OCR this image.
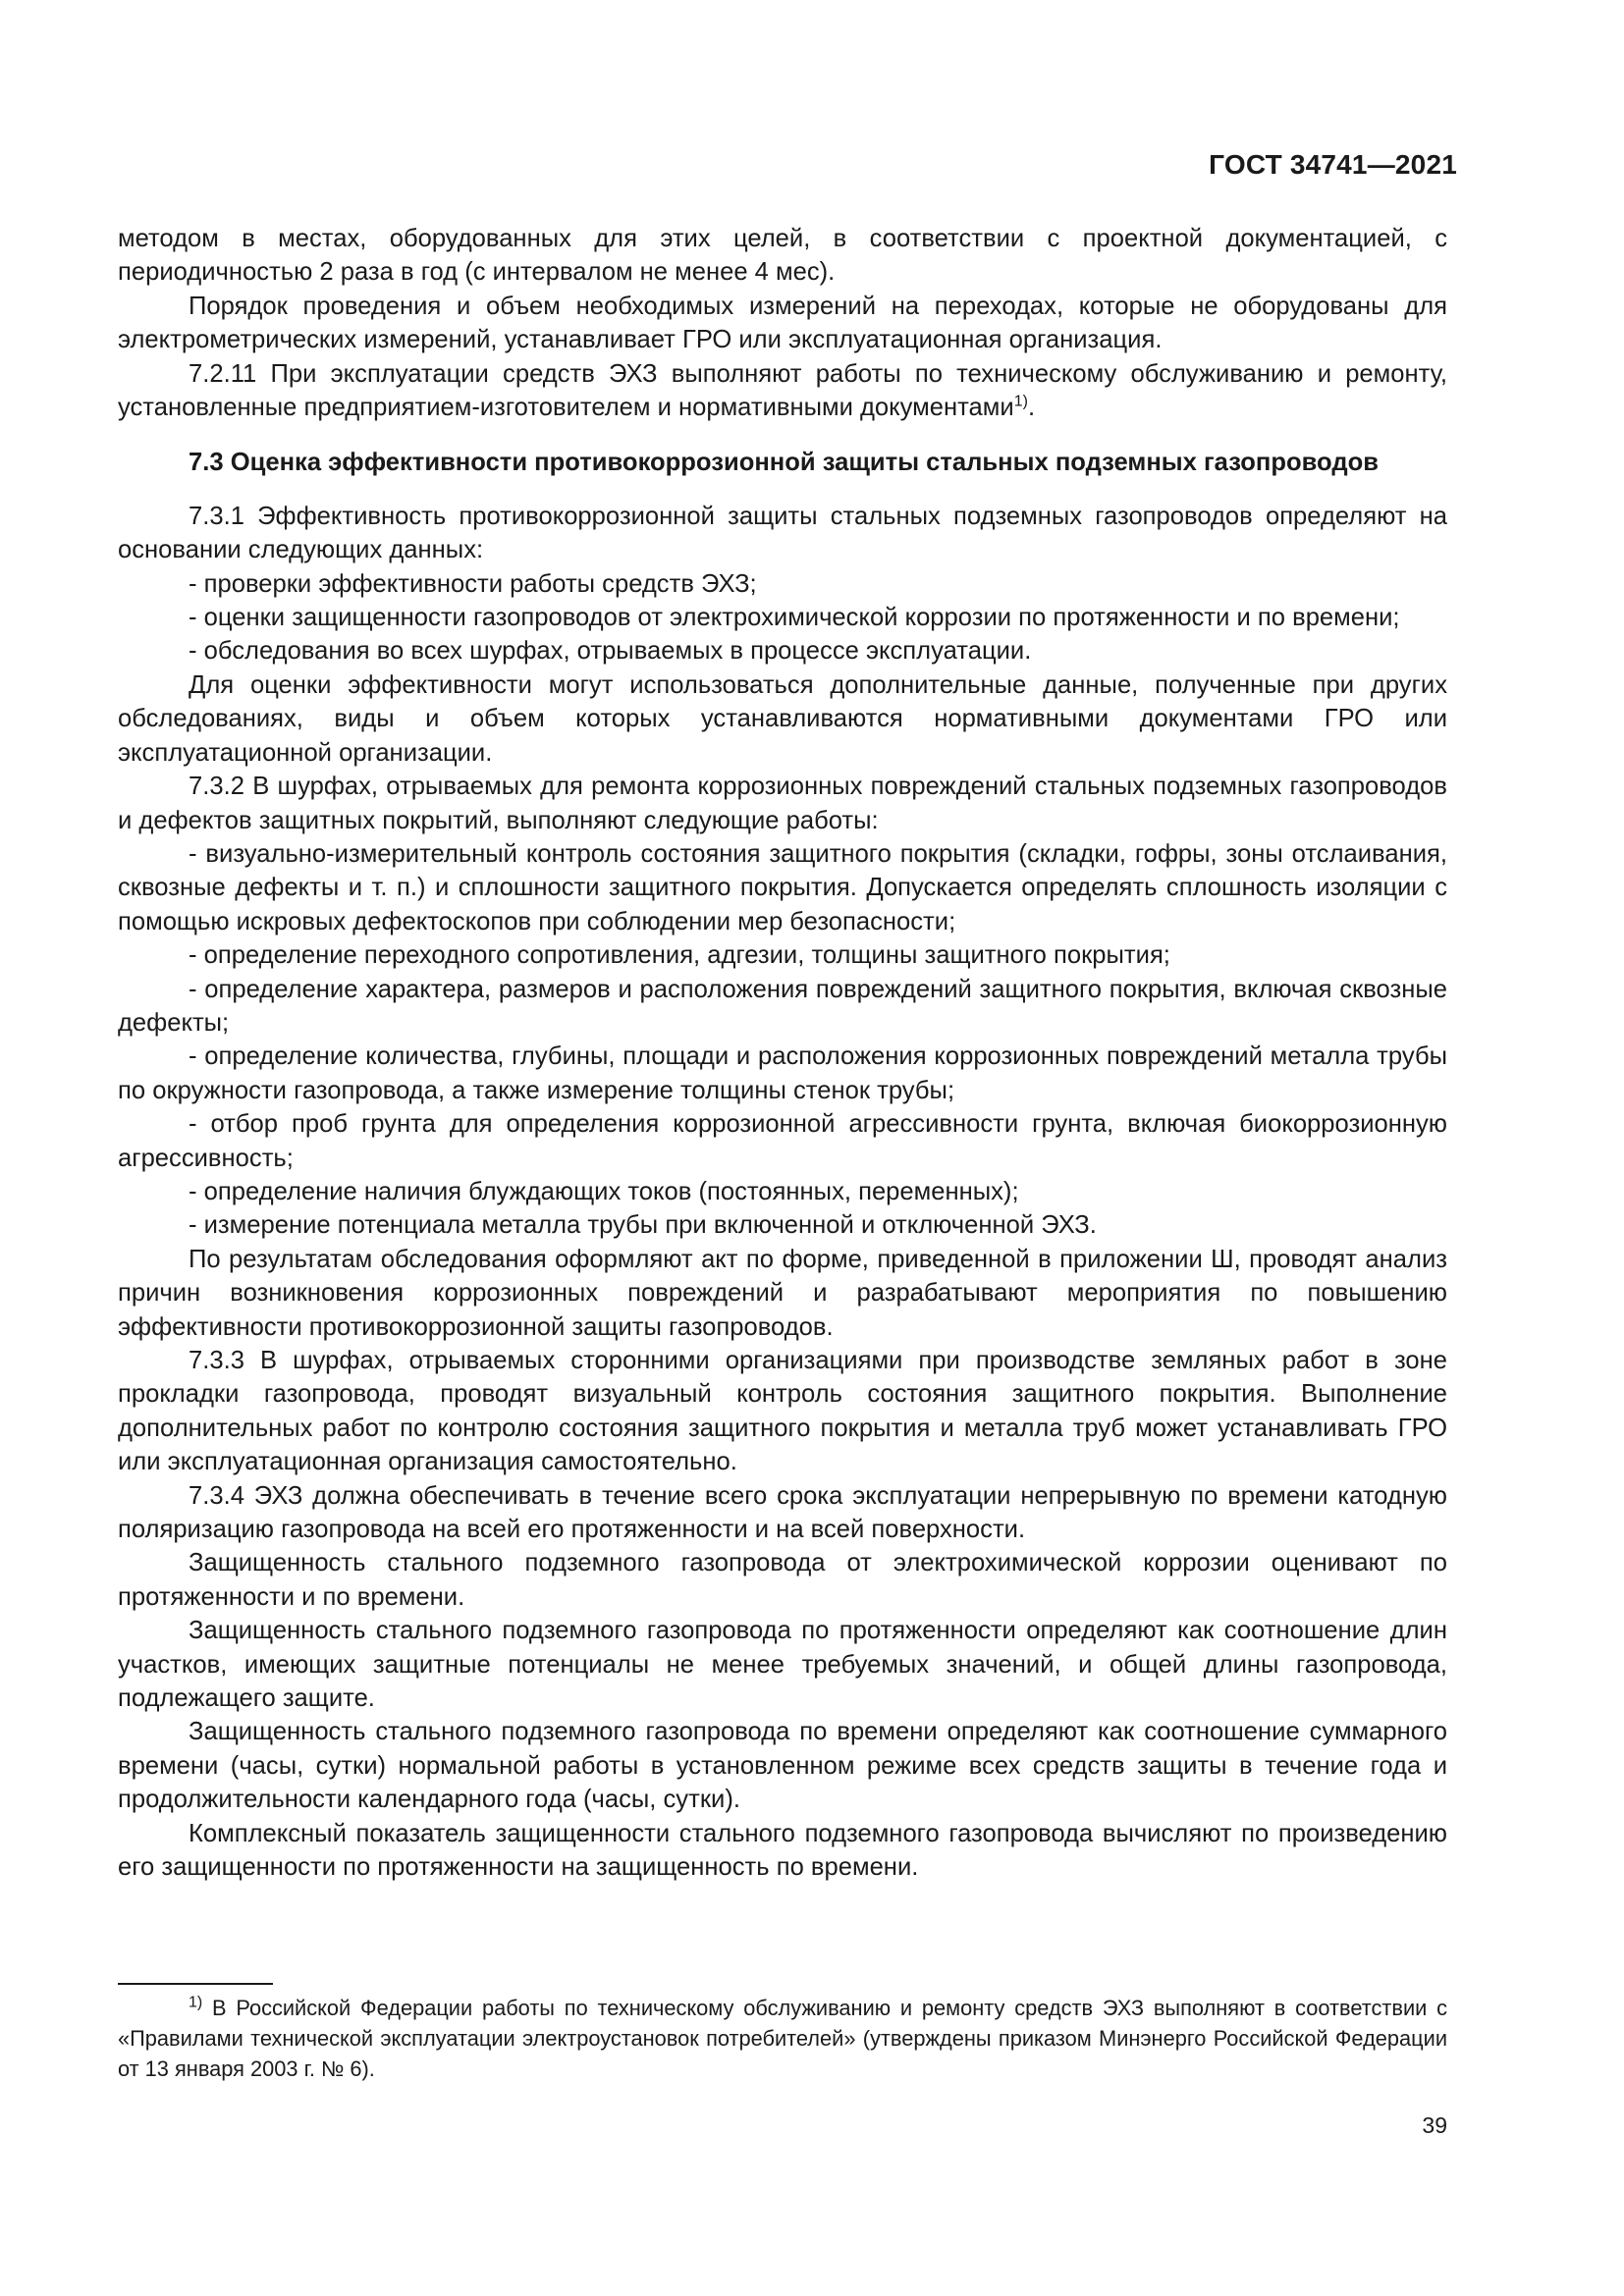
ГОСТ 34741—2021

методом в местах, оборудованных для этих целей, в соответствии с проектной документацией, с периодичностью 2 раза в год (с интервалом не менее 4 мес).

Порядок проведения и объем необходимых измерений на переходах, которые не оборудованы для электрометрических измерений, устанавливает ГРО или эксплуатационная организация.

7.2.11 При эксплуатации средств ЭХЗ выполняют работы по техническому обслуживанию и ремонту, установленные предприятием-изготовителем и нормативными документами$^{1)}$.

7.3 Оценка эффективности противокоррозионной защиты стальных подземных газопроводов

7.3.1 Эффективность противокоррозионной защиты стальных подземных газопроводов определяют на основании следующих данных:

- проверки эффективности работы средств ЭХЗ;

- оценки защищенности газопроводов от электрохимической коррозии по протяженности и по времени;

- обследования во всех шурфах, отрываемых в процессе эксплуатации.

Для оценки эффективности могут использоваться дополнительные данные, полученные при других обследованиях, виды и объем которых устанавливаются нормативными документами ГРО или эксплуатационной организации.

7.3.2 В шурфах, отрываемых для ремонта коррозионных повреждений стальных подземных газопроводов и дефектов защитных покрытий, выполняют следующие работы:

- визуально-измерительный контроль состояния защитного покрытия (складки, гофры, зоны отслаивания, сквозные дефекты и т. п.) и сплошности защитного покрытия. Допускается определять сплошность изоляции с помощью искровых дефектоскопов при соблюдении мер безопасности;

- определение переходного сопротивления, адгезии, толщины защитного покрытия;

- определение характера, размеров и расположения повреждений защитного покрытия, включая сквозные дефекты;

- определение количества, глубины, площади и расположения коррозионных повреждений металла трубы по окружности газопровода, а также измерение толщины стенок трубы;

- отбор проб грунта для определения коррозионной агрессивности грунта, включая биокоррозионную агрессивность;

- определение наличия блуждающих токов (постоянных, переменных);

- измерение потенциала металла трубы при включенной и отключенной ЭХЗ.

По результатам обследования оформляют акт по форме, приведенной в приложении Ш, проводят анализ причин возникновения коррозионных повреждений и разрабатывают мероприятия по повышению эффективности противокоррозионной защиты газопроводов.

7.3.3 В шурфах, отрываемых сторонними организациями при производстве земляных работ в зоне прокладки газопровода, проводят визуальный контроль состояния защитного покрытия. Выполнение дополнительных работ по контролю состояния защитного покрытия и металла труб может устанавливать ГРО или эксплуатационная организация самостоятельно.

7.3.4 ЭХЗ должна обеспечивать в течение всего срока эксплуатации непрерывную по времени катодную поляризацию газопровода на всей его протяженности и на всей поверхности.

Защищенность стального подземного газопровода от электрохимической коррозии оценивают по протяженности и по времени.

Защищенность стального подземного газопровода по протяженности определяют как соотношение длин участков, имеющих защитные потенциалы не менее требуемых значений, и общей длины газопровода, подлежащего защите.

Защищенность стального подземного газопровода по времени определяют как соотношение суммарного времени (часы, сутки) нормальной работы в установленном режиме всех средств защиты в течение года и продолжительности календарного года (часы, сутки).

Комплексный показатель защищенности стального подземного газопровода вычисляют по произведению его защищенности по протяженности на защищенность по времени.

$^{1)}$ В Российской Федерации работы по техническому обслуживанию и ремонту средств ЭХЗ выполняют в соответствии с «Правилами технической эксплуатации электроустановок потребителей» (утверждены приказом Минэнерго Российской Федерации от 13 января 2003 г. № 6).

39
